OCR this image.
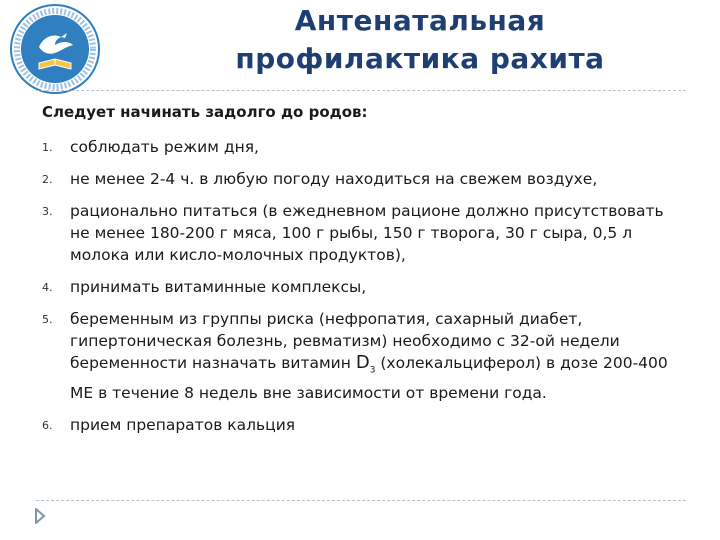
Антенатальная
профилактика рахита

Следует начинать задолго до родов:

1. соблюдать режим дня,
2. не менее 2-4 ч. в любую погоду находиться на свежем воздухе,
3. рационально питаться (в ежедневном рационе должно присутствовать не менее 180-200 г мяса, 100 г рыбы, 150 г творога, 30 г сыра, 0,5 л молока или кисло-молочных продуктов),
4. принимать витаминные комплексы,
5. беременным из группы риска (нефропатия, сахарный диабет, гипертоническая болезнь, ревматизм) необходимо с 32-ой недели беременности назначать витамин $D_3$ (холекальциферол) в дозе 200-400 МЕ в течение 8 недель вне зависимости от времени года.
6. прием препаратов кальция
